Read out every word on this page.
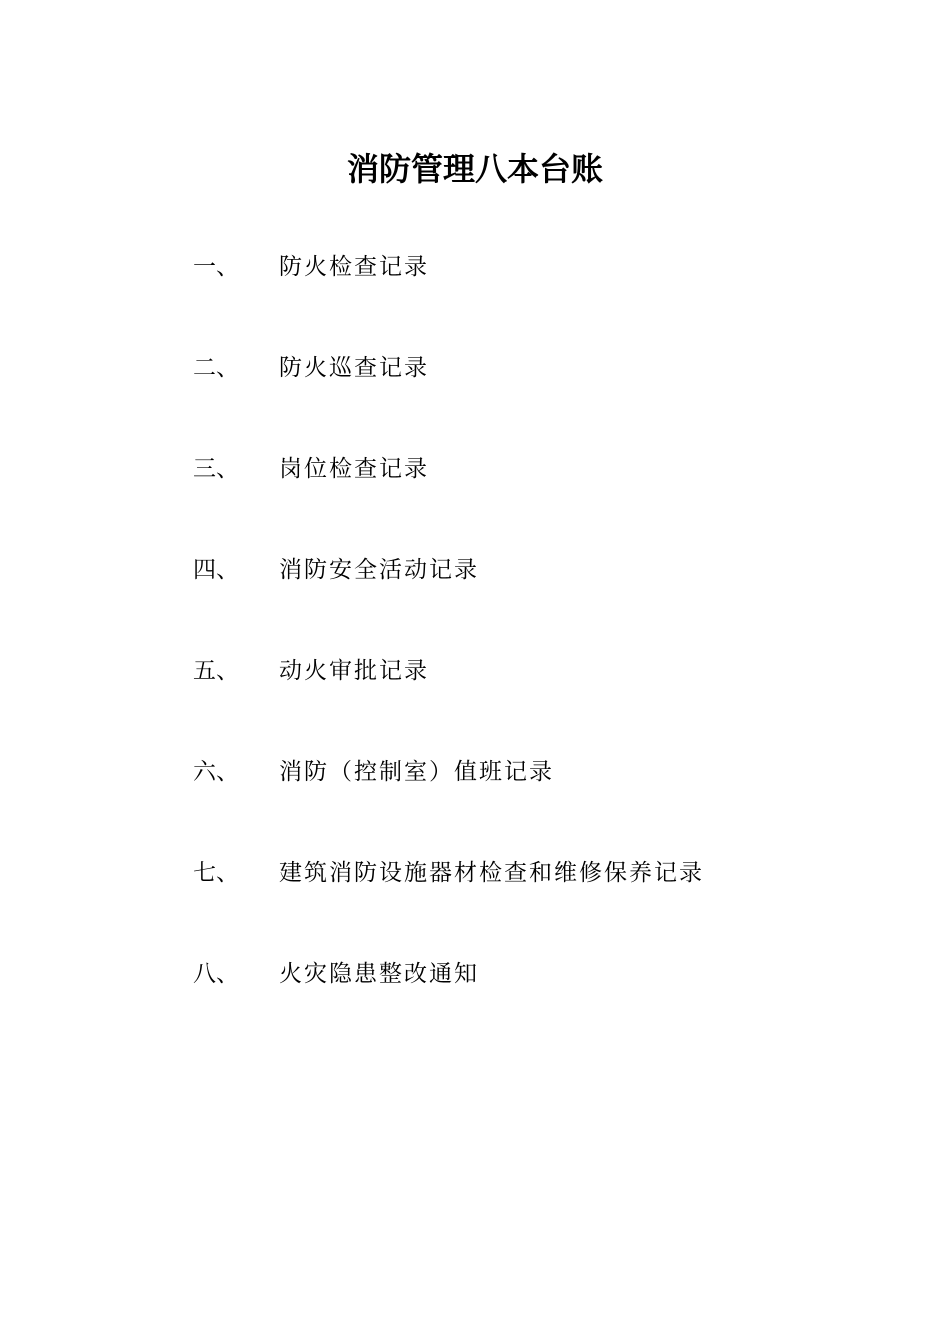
消防管理八本台账
一、	防火检查记录
二、	防火巡查记录
三、	岗位检查记录
四、	消防安全活动记录
五、	动火审批记录
六、	消防（控制室）值班记录
七、	建筑消防设施器材检查和维修保养记录
八、	火灾隐患整改通知
